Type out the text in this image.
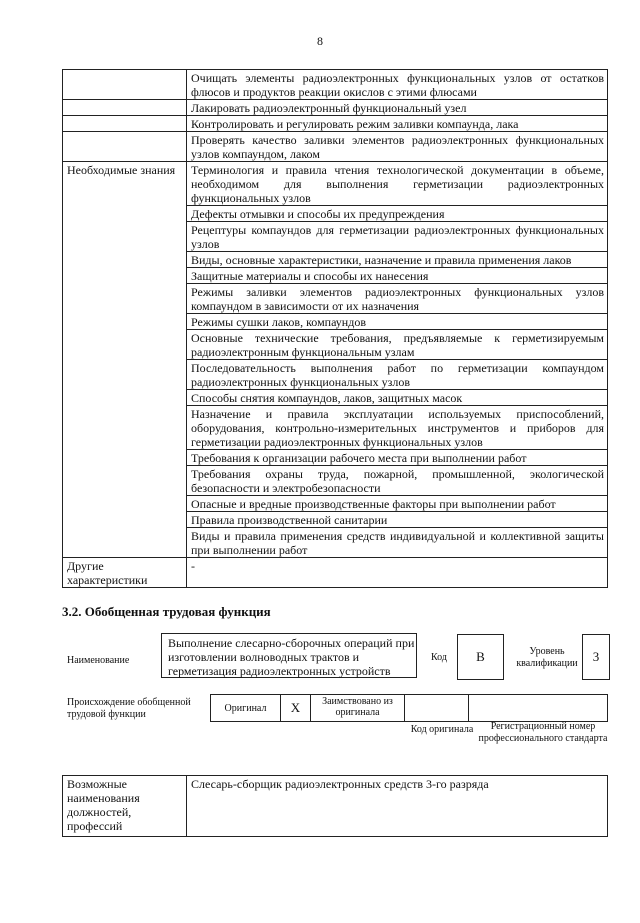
8
	Очищать элементы радиоэлектронных функциональных узлов от остатков флюсов и продуктов реакции окислов с этими флюсами
	Лакировать радиоэлектронный функциональный узел
	Контролировать и регулировать режим заливки компаунда, лака
	Проверять качество заливки элементов радиоэлектронных функциональных узлов компаундом, лаком
Необходимые знания	Терминология и правила чтения технологической документации в объеме, необходимом для выполнения герметизации радиоэлектронных функциональных узлов
	Дефекты отмывки и способы их предупреждения
	Рецептуры компаундов для герметизации радиоэлектронных функциональных узлов
	Виды, основные характеристики, назначение и правила применения лаков
	Защитные материалы и способы их нанесения
	Режимы заливки элементов радиоэлектронных функциональных узлов компаундом в зависимости от их назначения
	Режимы сушки лаков, компаундов
	Основные технические требования, предъявляемые к герметизируемым радиоэлектронным функциональным узлам
	Последовательность выполнения работ по герметизации компаундом радиоэлектронных функциональных узлов
	Способы снятия компаундов, лаков, защитных масок
	Назначение и правила эксплуатации используемых приспособлений, оборудования, контрольно-измерительных инструментов и приборов для герметизации радиоэлектронных функциональных узлов
	Требования к организации рабочего места при выполнении работ
	Требования охраны труда, пожарной, промышленной, экологической безопасности и электробезопасности
	Опасные и вредные производственные факторы при выполнении работ
	Правила производственной санитарии
	Виды и правила применения средств индивидуальной и коллективной защиты при выполнении работ
Другие характеристики	-
3.2. Обобщенная трудовая функция
Наименование
Выполнение слесарно-сборочных операций при изготовлении волноводных трактов и герметизация радиоэлектронных устройств
Код	В	Уровень квалификации	3
Происхождение обобщенной трудовой функции
Оригинал	X	Заимствовано из оригинала
Код оригинала	Регистрационный номер профессионального стандарта
Возможные наименования должностей, профессий	Слесарь-сборщик радиоэлектронных средств 3-го разряда
